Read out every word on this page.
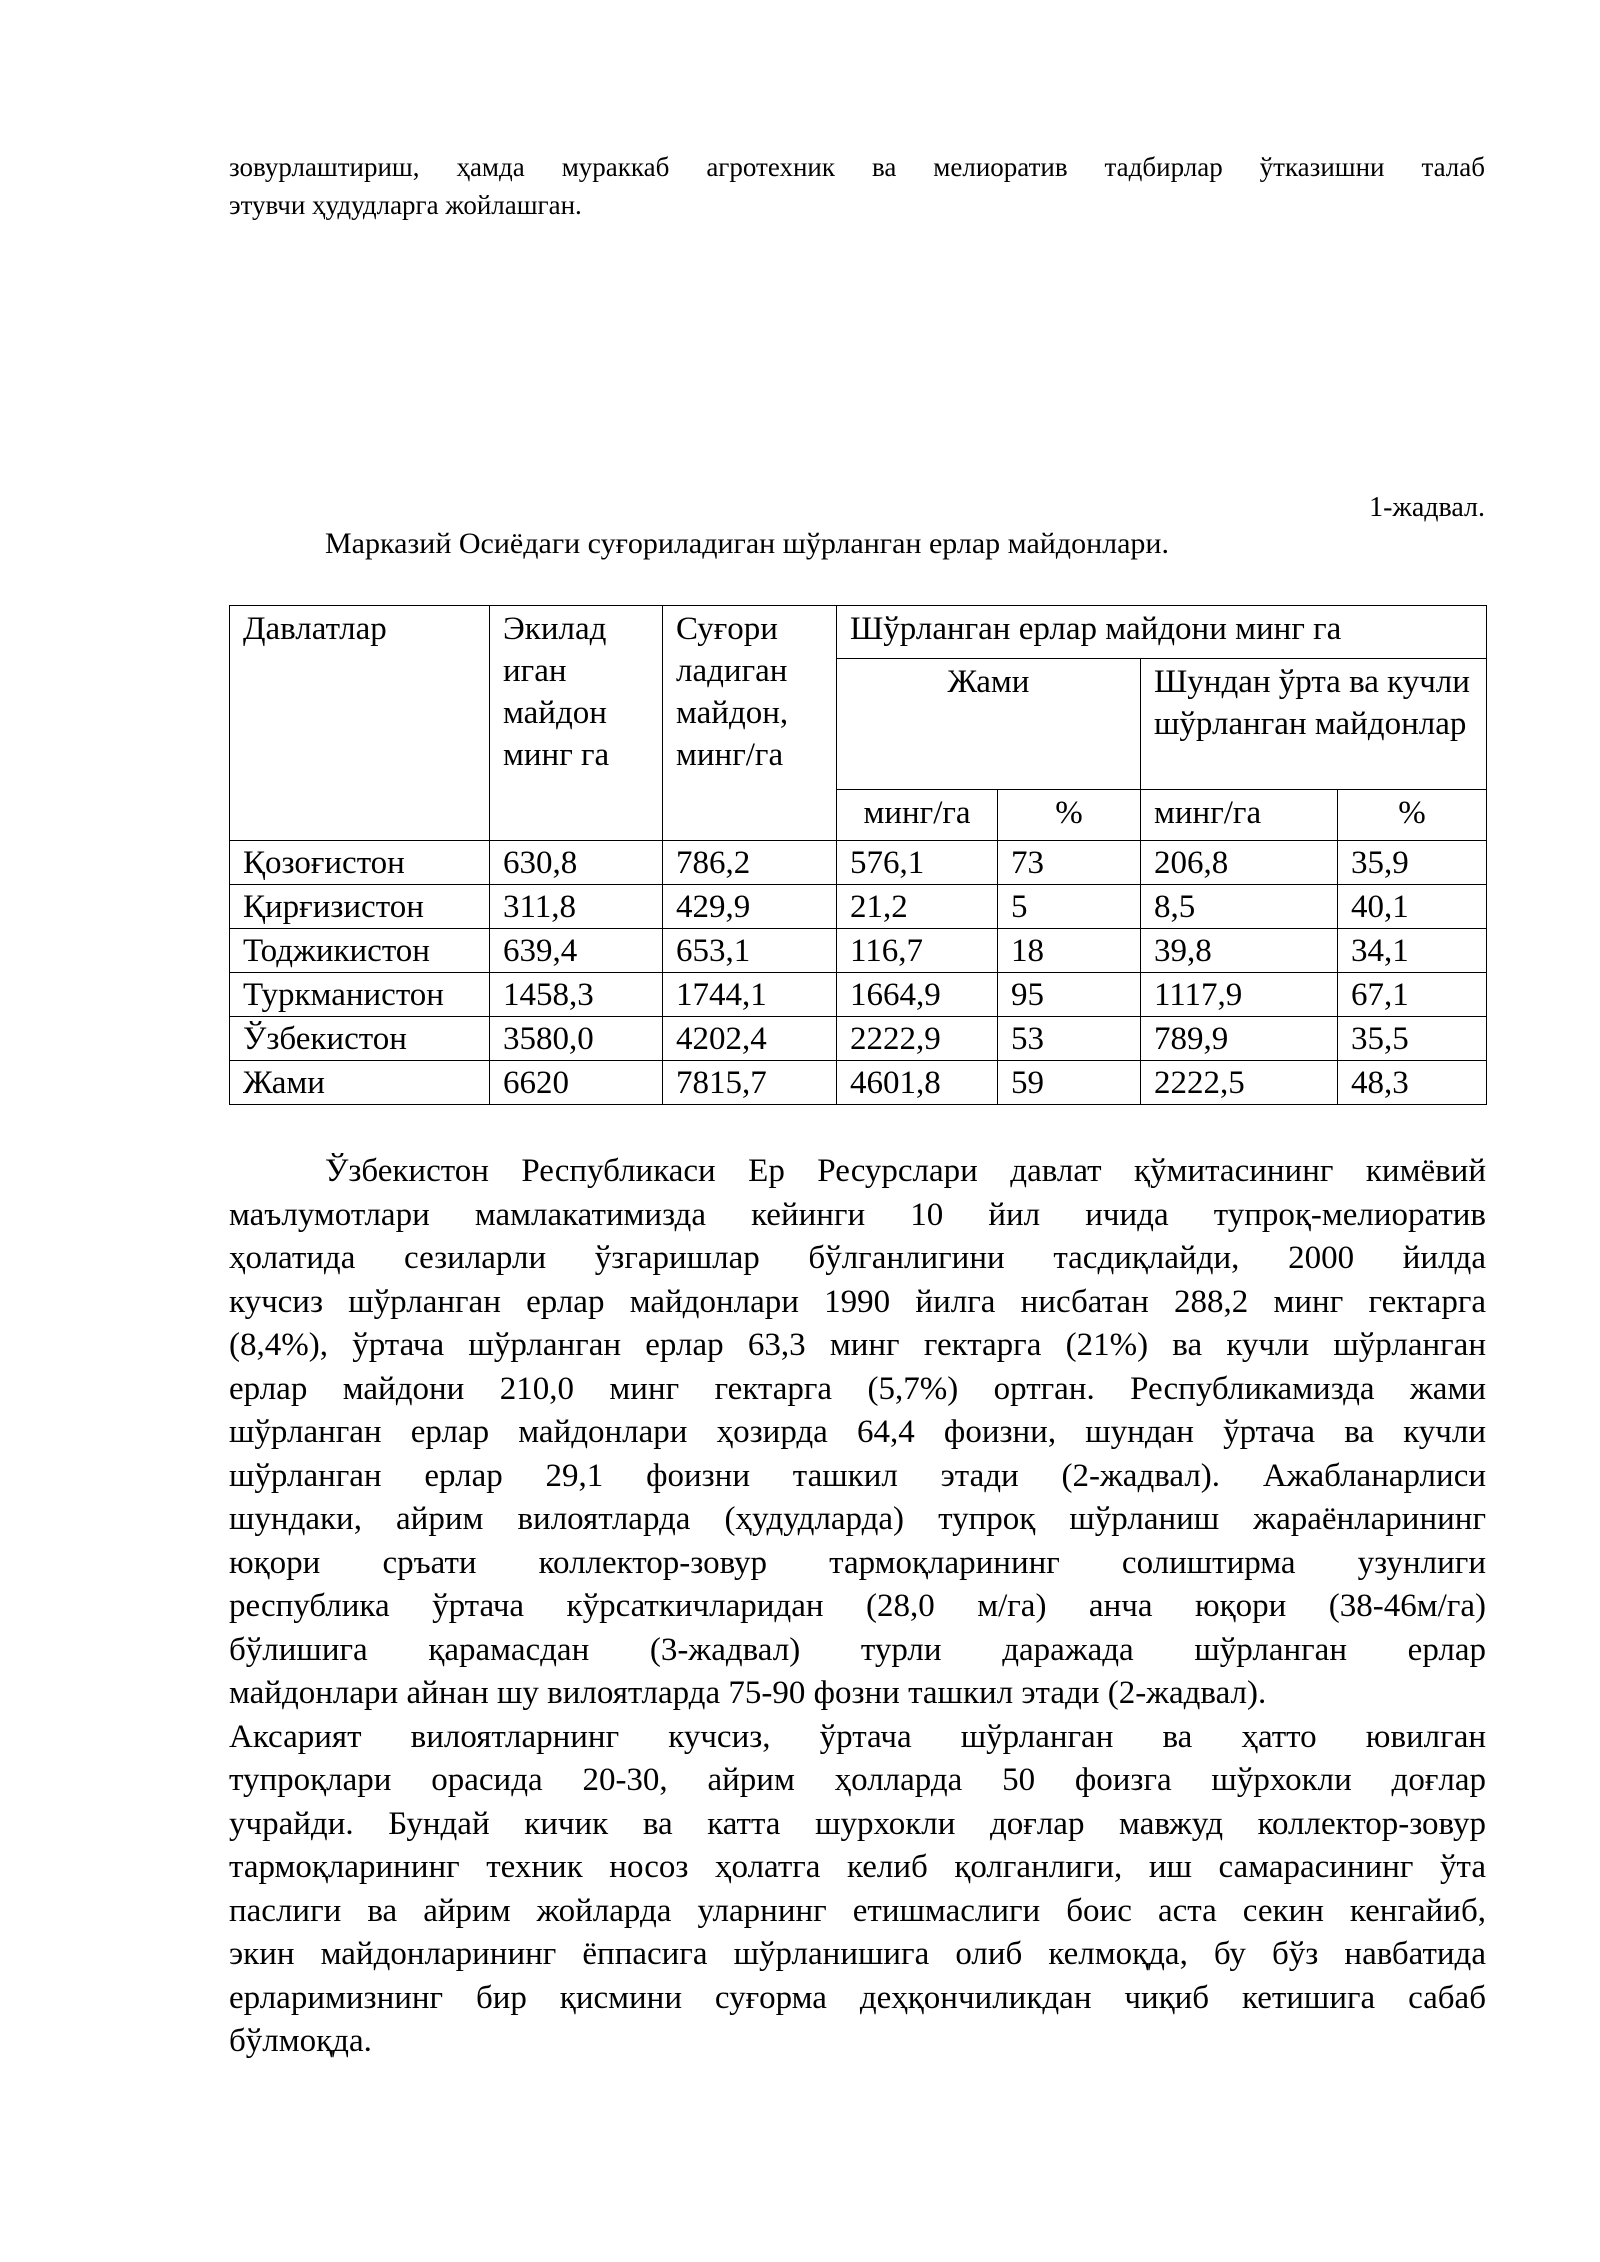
зовурлаштириш, ҳамда мураккаб агротехник ва мелиоратив тадбирлар ўтказишни талаб
этувчи ҳудудларга жойлашган.

1-жадвал.

Марказий Осиёдаги суғориладиган шўрланган ерлар майдонлари.

Давлатлар	Экилад иган майдон минг га	Суғори ладиган майдон, минг/га	Шўрланган ерлар майдони минг га			
			Жами		Шундан ўрта ва кучли шўрланган майдонлар	
			минг/га	%	минг/га	%
Қозоғистон	630,8	786,2	576,1	73	206,8	35,9
Қирғизистон	311,8	429,9	21,2	5	8,5	40,1
Тоджикистон	639,4	653,1	116,7	18	39,8	34,1
Туркманистон	1458,3	1744,1	1664,9	95	1117,9	67,1
Ўзбекистон	3580,0	4202,4	2222,9	53	789,9	35,5
Жами	6620	7815,7	4601,8	59	2222,5	48,3
Ўзбекистон Республикаси Ер Ресурслари давлат қўмитасининг кимёвий
маълумотлари мамлакатимизда кейинги 10 йил ичида тупроқ-мелиоратив
ҳолатида сезиларли ўзгаришлар бўлганлигини тасдиқлайди, 2000 йилда
кучсиз шўрланган ерлар майдонлари 1990 йилга нисбатан 288,2 минг гектарга
(8,4%), ўртача шўрланган ерлар 63,3 минг гектарга (21%) ва кучли шўрланган
ерлар майдони 210,0 минг гектарга (5,7%) ортган. Республикамизда жами
шўрланган ерлар майдонлари ҳозирда 64,4 фоизни, шундан ўртача ва кучли
шўрланган ерлар 29,1 фоизни ташкил этади (2-жадвал). Ажабланарлиси
шундаки, айрим вилоятларда (ҳудудларда) тупроқ шўрланиш жараёнларининг
юқори сръати коллектор-зовур тармоқларининг солиштирма узунлиги
республика ўртача кўрсаткичларидан (28,0 м/га) анча юқори (38-46м/га)
бўлишига қарамасдан (3-жадвал) турли даражада шўрланган ерлар
майдонлари айнан шу вилоятларда 75-90 фозни ташкил этади (2-жадвал).
Аксарият вилоятларнинг кучсиз, ўртача шўрланган ва ҳатто ювилган
тупроқлари орасида 20-30, айрим ҳолларда 50 фоизга шўрхокли доғлар
учрайди. Бундай кичик ва катта шурхокли доғлар мавжуд коллектор-зовур
тармоқларининг техник носоз ҳолатга келиб қолганлиги, иш самарасининг ўта
паслиги ва айрим жойларда уларнинг етишмаслиги боис аста секин кенгайиб,
экин майдонларининг ёппасига шўрланишига олиб келмоқда, бу бўз навбатида
ерларимизнинг бир қисмини суғорма деҳқончиликдан чиқиб кетишига сабаб
бўлмоқда.
